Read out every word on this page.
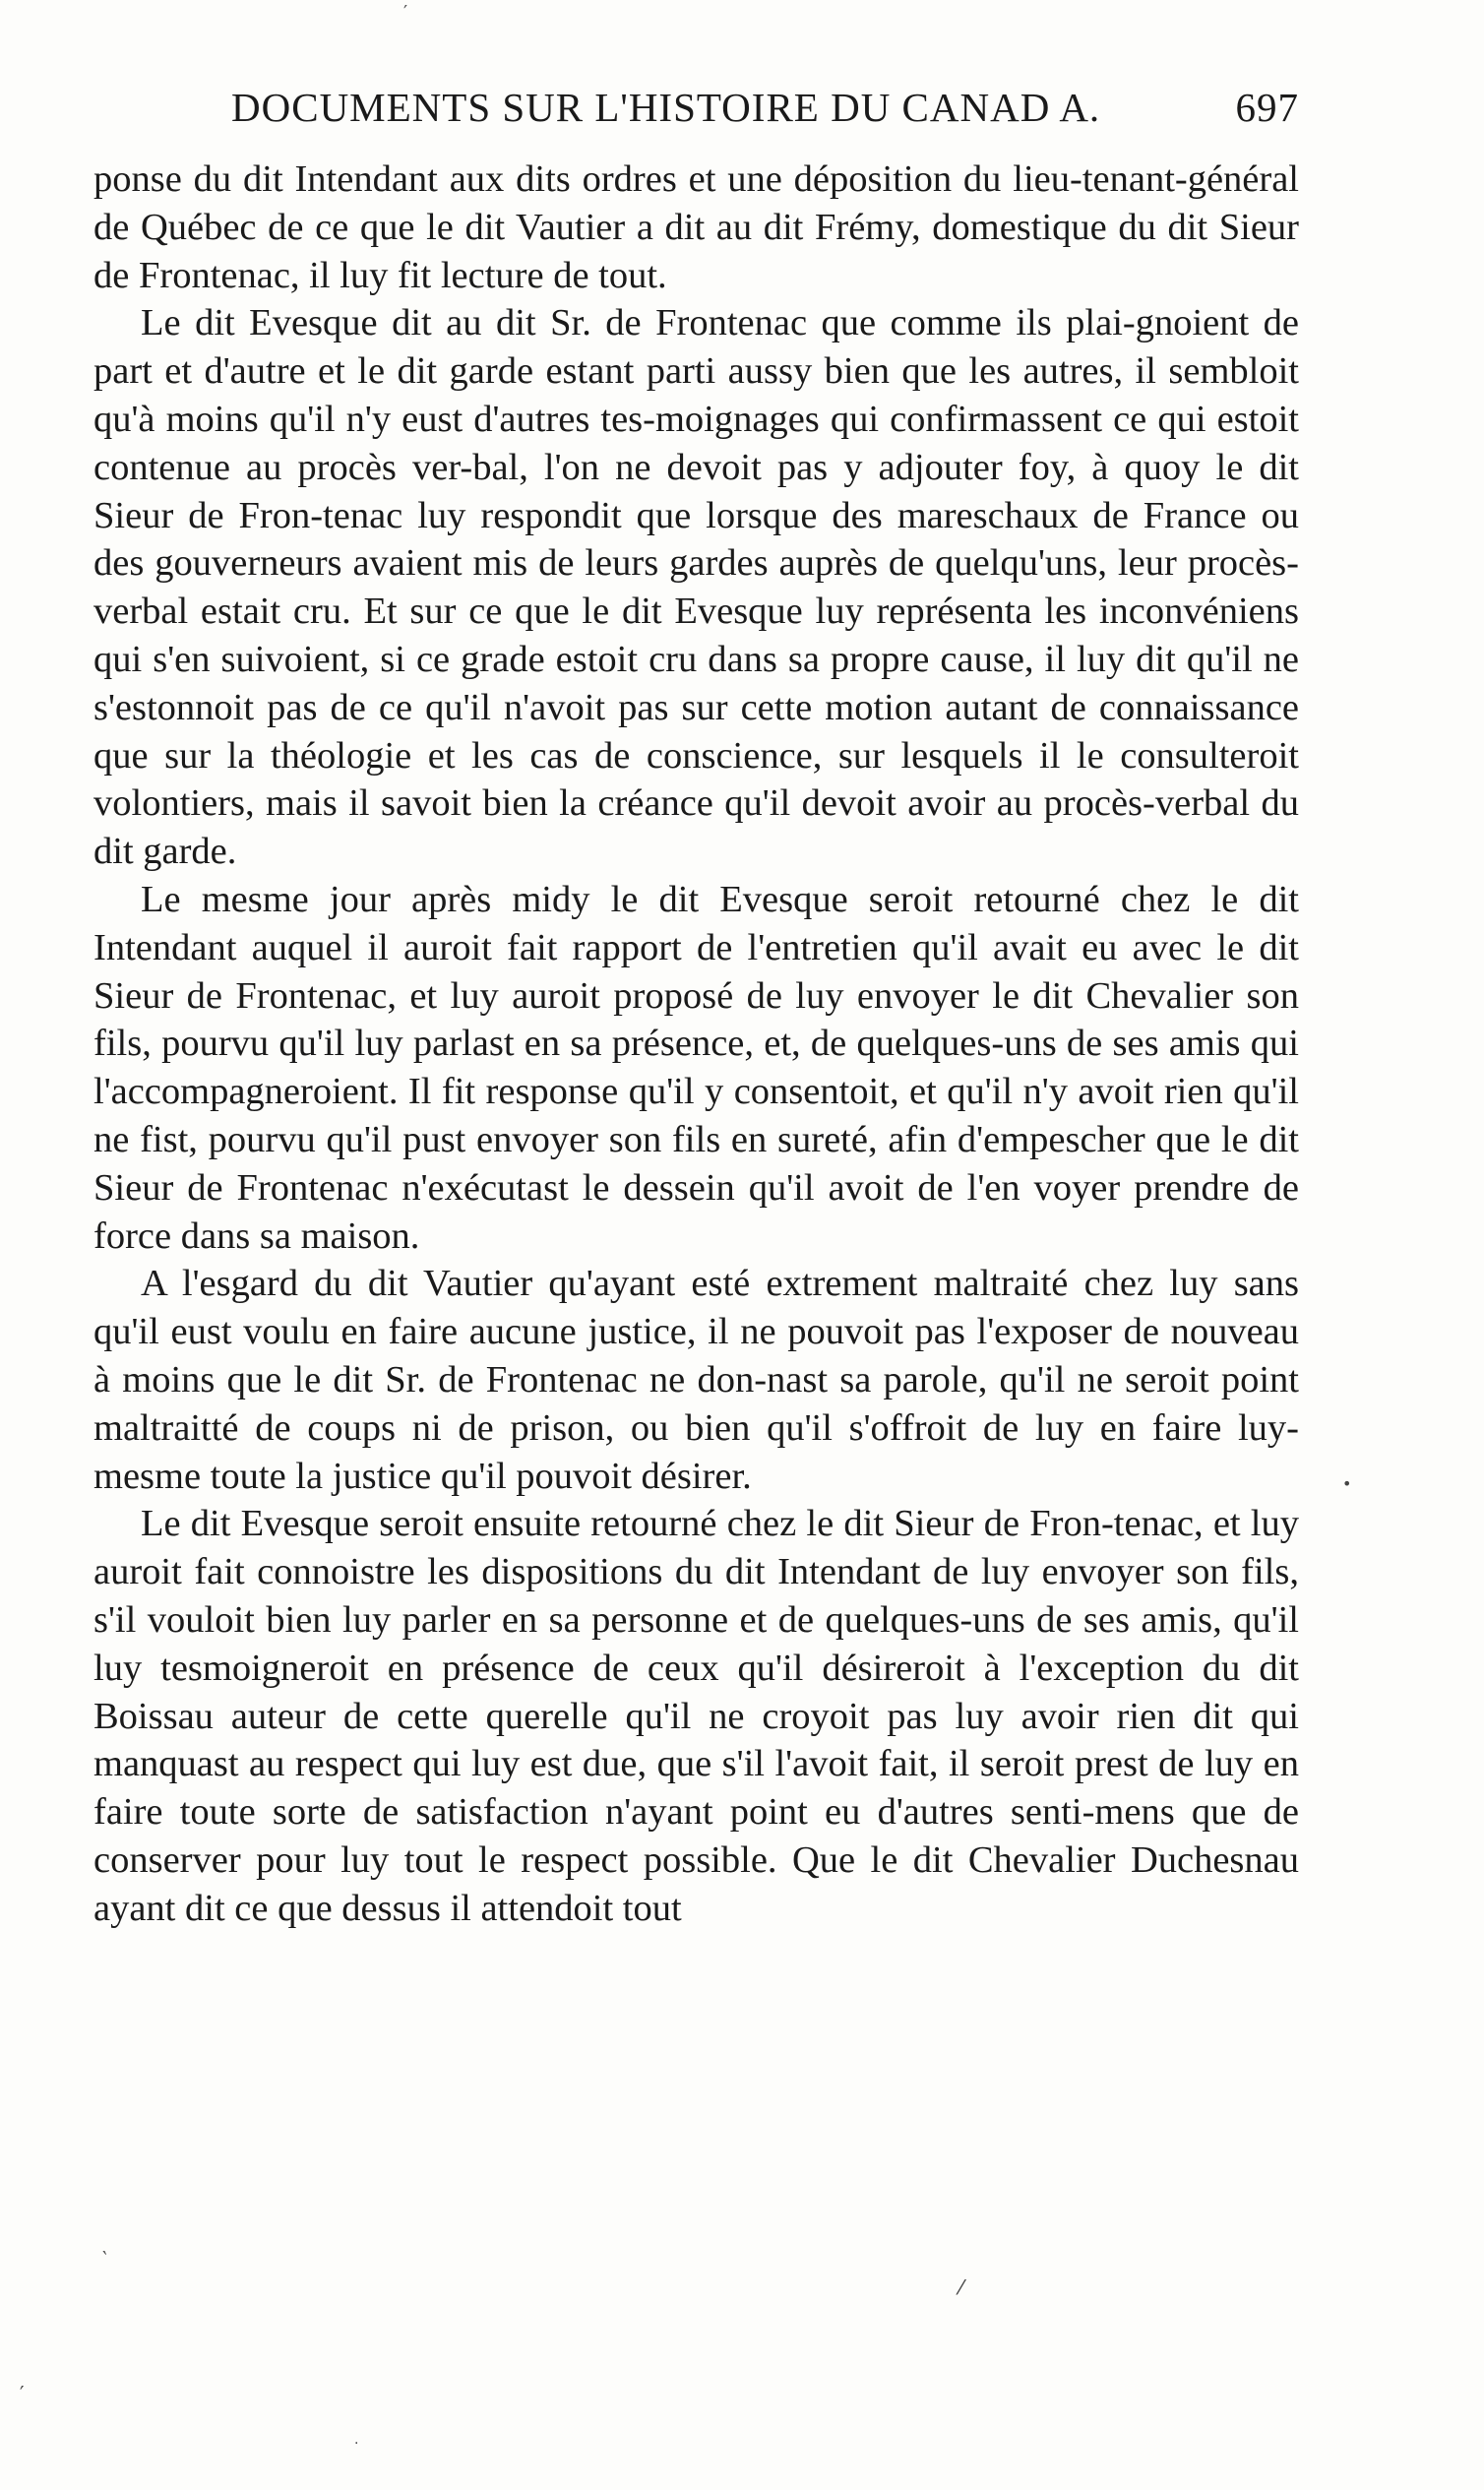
DOCUMENTS SUR L'HISTOIRE DU CANAD A.	697

ponse du dit Intendant aux dits ordres et une déposition du lieu-tenant-général de Québec de ce que le dit Vautier a dit au dit Frémy, domestique du dit Sieur de Frontenac, il luy fit lecture de tout.

Le dit Evesque dit au dit Sr. de Frontenac que comme ils plai-gnoient de part et d'autre et le dit garde estant parti aussy bien que les autres, il sembloit qu'à moins qu'il n'y eust d'autres tes-moignages qui confirmassent ce qui estoit contenue au procès ver-bal, l'on ne devoit pas y adjouter foy, à quoy le dit Sieur de Fron-tenac luy respondit que lorsque des mareschaux de France ou des gouverneurs avaient mis de leurs gardes auprès de quelqu'uns, leur procès-verbal estait cru. Et sur ce que le dit Evesque luy représenta les inconvéniens qui s'en suivoient, si ce grade estoit cru dans sa propre cause, il luy dit qu'il ne s'estonnoit pas de ce qu'il n'avoit pas sur cette motion autant de connaissance que sur la théologie et les cas de conscience, sur lesquels il le consulteroit volontiers, mais il savoit bien la créance qu'il devoit avoir au procès-verbal du dit garde.

Le mesme jour après midy le dit Evesque seroit retourné chez le dit Intendant auquel il auroit fait rapport de l'entretien qu'il avait eu avec le dit Sieur de Frontenac, et luy auroit proposé de luy envoyer le dit Chevalier son fils, pourvu qu'il luy parlast en sa présence, et, de quelques-uns de ses amis qui l'accompagneroient. Il fit response qu'il y consentoit, et qu'il n'y avoit rien qu'il ne fist, pourvu qu'il pust envoyer son fils en sureté, afin d'empescher que le dit Sieur de Frontenac n'exécutast le dessein qu'il avoit de l'en voyer prendre de force dans sa maison.

A l'esgard du dit Vautier qu'ayant esté extrement maltraité chez luy sans qu'il eust voulu en faire aucune justice, il ne pouvoit pas l'exposer de nouveau à moins que le dit Sr. de Frontenac ne don-nast sa parole, qu'il ne seroit point maltraitté de coups ni de prison, ou bien qu'il s'offroit de luy en faire luy-mesme toute la justice qu'il pouvoit désirer.

Le dit Evesque seroit ensuite retourné chez le dit Sieur de Fron-tenac, et luy auroit fait connoistre les dispositions du dit Intendant de luy envoyer son fils, s'il vouloit bien luy parler en sa personne et de quelques-uns de ses amis, qu'il luy tesmoigneroit en présence de ceux qu'il désireroit à l'exception du dit Boissau auteur de cette querelle qu'il ne croyoit pas luy avoir rien dit qui manquast au respect qui luy est due, que s'il l'avoit fait, il seroit prest de luy en faire toute sorte de satisfaction n'ayant point eu d'autres senti-mens que de conserver pour luy tout le respect possible. Que le dit Chevalier Duchesnau ayant dit ce que dessus il attendoit tout

′
•
‵
⁄
′
·
